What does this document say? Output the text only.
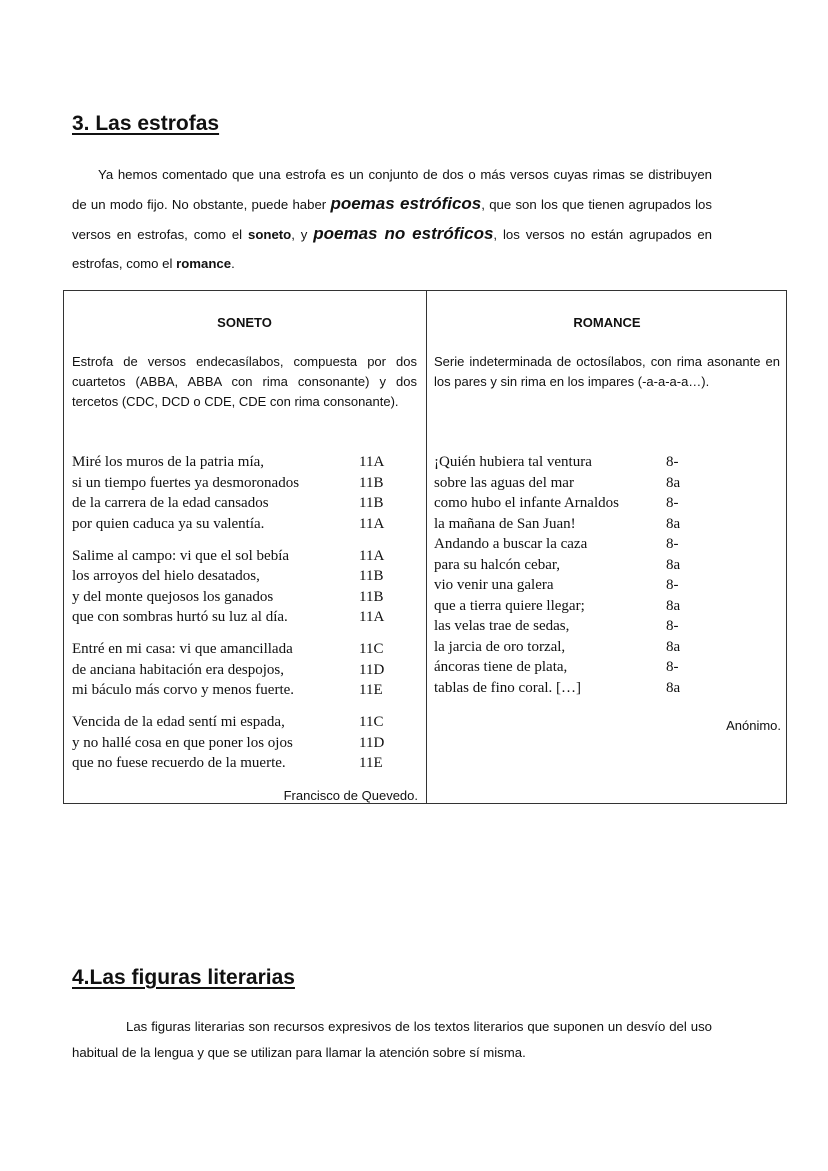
3. Las estrofas
Ya hemos comentado que una estrofa es un conjunto de dos o más versos cuyas rimas se distribuyen de un modo fijo. No obstante, puede haber poemas estróficos, que son los que tienen agrupados los versos en estrofas, como el soneto, y poemas no estróficos, los versos no están agrupados en estrofas, como el romance.
SONETO
Estrofa de versos endecasílabos, compuesta por dos cuartetos (ABBA, ABBA con rima consonante) y dos tercetos (CDC, DCD o CDE, CDE con rima consonante).
Miré los muros de la patria mía,	11A
si un tiempo fuertes ya desmoronados	11B
de la carrera de la edad cansados	11B
por quien caduca ya su valentía.	11A
Salime al campo: vi que el sol bebía	11A
los arroyos del hielo desatados,	11B
y del monte quejosos los ganados	11B
que con sombras hurtó su luz al día.	11A
Entré en mi casa: vi que amancillada	11C
de anciana habitación era despojos,	11D
mi báculo más corvo y menos fuerte.	11E
Vencida de la edad sentí mi espada,	11C
y no hallé cosa en que poner los ojos	11D
que no fuese recuerdo de la muerte.	11E
Francisco de Quevedo.
ROMANCE
Serie indeterminada de octosílabos, con rima asonante en los pares y sin rima en los impares (-a-a-a-a…).
¡Quién hubiera tal ventura	8-
sobre las aguas del mar	8a
como hubo el infante Arnaldos	8-
la mañana de San Juan!	8a
Andando a buscar la caza	8-
para su halcón cebar,	8a
vio venir una galera	8-
que a tierra quiere llegar;	8a
las velas trae de sedas,	8-
la jarcia de oro torzal,	8a
áncoras tiene de plata,	8-
tablas de fino coral. […]	8a
Anónimo.
4.Las figuras literarias
Las figuras literarias son recursos expresivos de los textos literarios que suponen un desvío del uso habitual de la lengua y que se utilizan para llamar la atención sobre sí misma.
